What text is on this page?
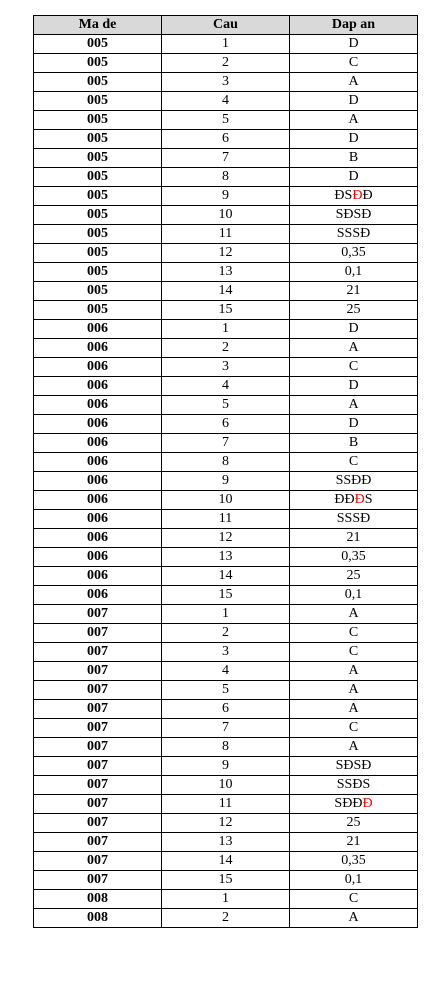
Ma de	Cau	Dap an
005	1	D
005	2	C
005	3	A
005	4	D
005	5	A
005	6	D
005	7	B
005	8	D
005	9	ĐSĐĐ
005	10	SĐSĐ
005	11	SSSĐ
005	12	0,35
005	13	0,1
005	14	21
005	15	25
006	1	D
006	2	A
006	3	C
006	4	D
006	5	A
006	6	D
006	7	B
006	8	C
006	9	SSĐĐ
006	10	ĐĐĐS
006	11	SSSĐ
006	12	21
006	13	0,35
006	14	25
006	15	0,1
007	1	A
007	2	C
007	3	C
007	4	A
007	5	A
007	6	A
007	7	C
007	8	A
007	9	SĐSĐ
007	10	SSĐS
007	11	SĐĐĐ
007	12	25
007	13	21
007	14	0,35
007	15	0,1
008	1	C
008	2	A
